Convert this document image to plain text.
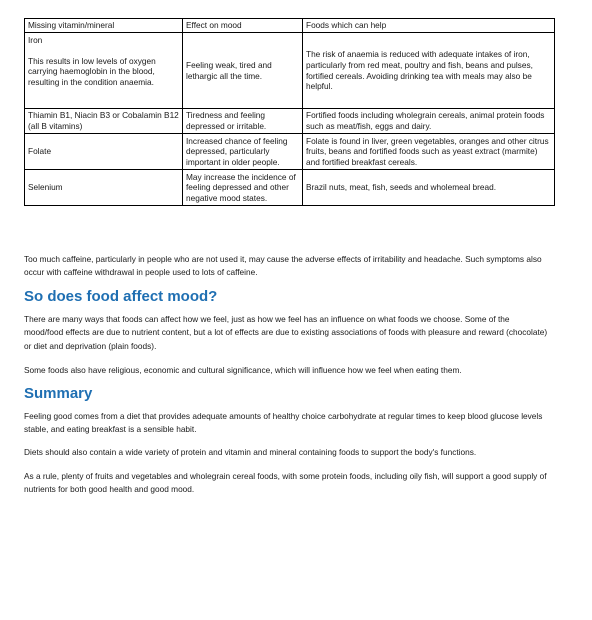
Missing vitamin/mineral	Effect on mood	Foods which can help

Iron
This results in low levels of oxygen carrying haemoglobin in the blood, resulting in the condition anaemia.	Feeling weak, tired and lethargic all the time.	The risk of anaemia is reduced with adequate intakes of iron, particularly from red meat, poultry and fish, beans and pulses, fortified cereals. Avoiding drinking tea with meals may also be helpful.
Thiamin B1, Niacin B3 or Cobalamin B12 (all B vitamins)	Tiredness and feeling depressed or irritable.	Fortified foods including wholegrain cereals, animal protein foods such as meat/fish, eggs and dairy.
Folate	Increased chance of feeling depressed, particularly important in older people.	Folate is found in liver, green vegetables, oranges and other citrus fruits, beans and fortified foods such as yeast extract (marmite) and fortified breakfast cereals.
Selenium	May increase the incidence of feeling depressed and other negative mood states.	Brazil nuts, meat, fish, seeds and wholemeal bread.

Too much caffeine, particularly in people who are not used it, may cause the adverse effects of irritability and headache. Such symptoms also occur with caffeine withdrawal in people used to lots of caffeine.

So does food affect mood?

There are many ways that foods can affect how we feel, just as how we feel has an influence on what foods we choose. Some of the mood/food effects are due to nutrient content, but a lot of effects are due to existing associations of foods with pleasure and reward (chocolate) or diet and deprivation (plain foods).

Some foods also have religious, economic and cultural significance, which will influence how we feel when eating them.

Summary

Feeling good comes from a diet that provides adequate amounts of healthy choice carbohydrate at regular times to keep blood glucose levels stable, and eating breakfast is a sensible habit.

Diets should also contain a wide variety of protein and vitamin and mineral containing foods to support the body's functions.

As a rule, plenty of fruits and vegetables and wholegrain cereal foods, with some protein foods, including oily fish, will support a good supply of nutrients for both good health and good mood.
